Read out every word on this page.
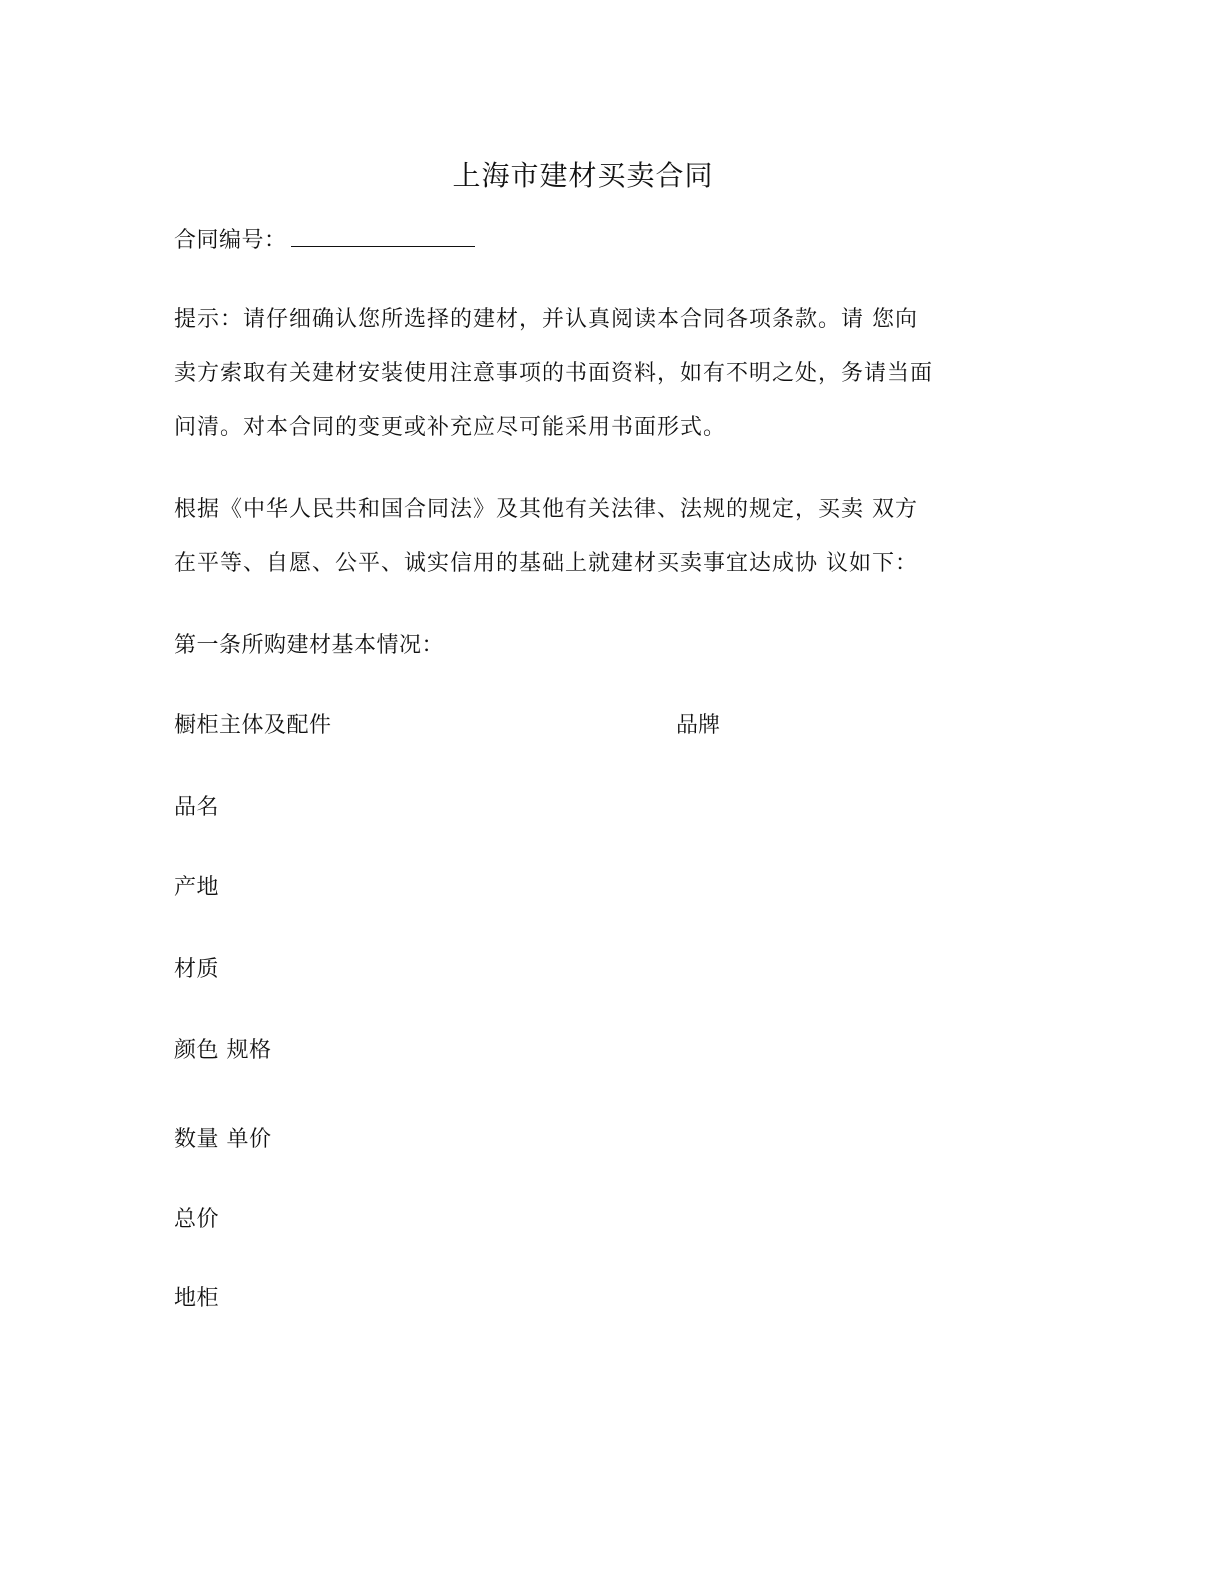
上海市建材买卖合同
合同编号：
提示：请仔细确认您所选择的建材，并认真阅读本合同各项条款。请 您向
卖方索取有关建材安装使用注意事项的书面资料，如有不明之处，务请当面
问清。对本合同的变更或补充应尽可能采用书面形式。
根据《中华人民共和国合同法》及其他有关法律、法规的规定，买卖 双方
在平等、自愿、公平、诚实信用的基础上就建材买卖事宜达成协 议如下：
第一条所购建材基本情况：
橱柜主体及配件	品牌
品名
产地
材质
颜色 规格
数量 单价
总价
地柜
